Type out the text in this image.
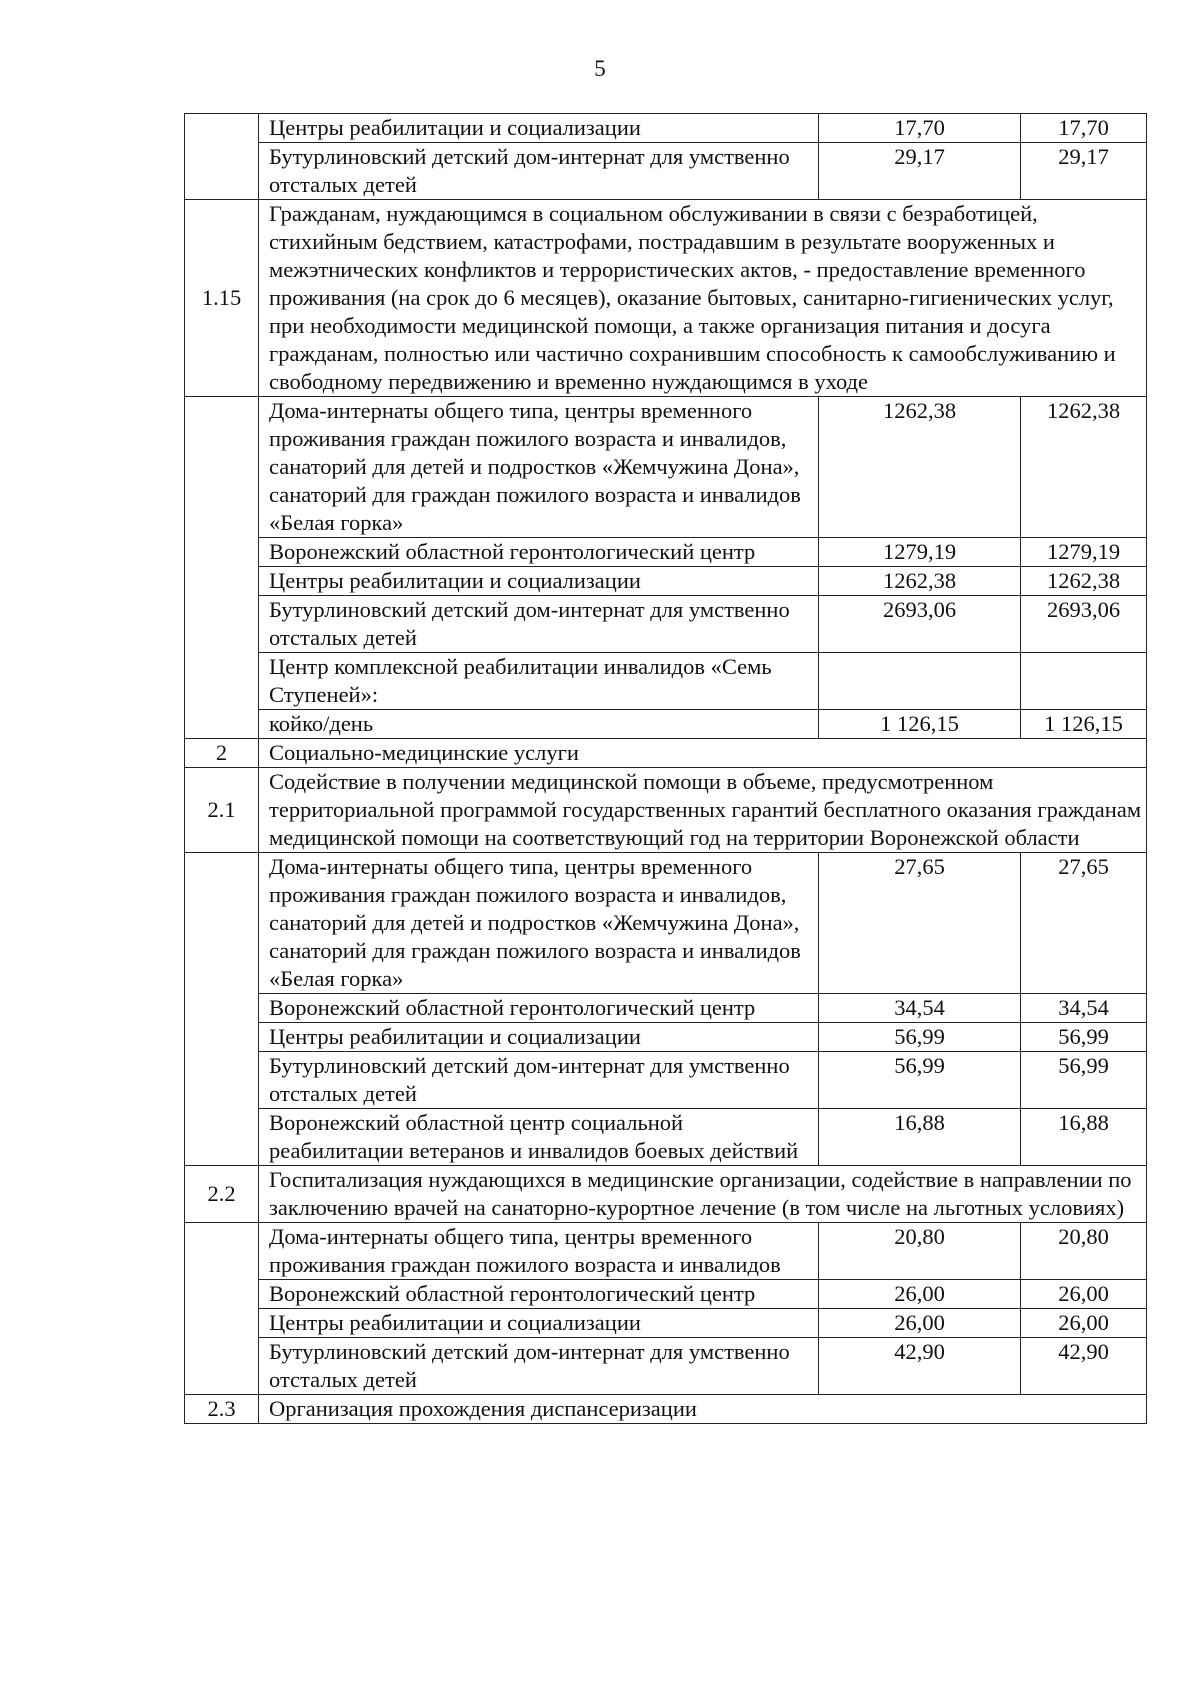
5
	Центры реабилитации и социализации	17,70	17,70
	Бутурлиновский детский дом-интернат для умственно отсталых детей	29,17	29,17
1.15	Гражданам, нуждающимся в социальном обслуживании в связи с безработицей, стихийным бедствием, катастрофами, пострадавшим в результате вооруженных и межэтнических конфликтов и террористических актов, - предоставление временного проживания (на срок до 6 месяцев), оказание бытовых, санитарно-гигиенических услуг, при необходимости медицинской помощи, а также организация питания и досуга гражданам, полностью или частично сохранившим способность к самообслуживанию и свободному передвижению и временно нуждающимся в уходе		
	Дома-интернаты общего типа, центры временного проживания граждан пожилого возраста и инвалидов, санаторий для детей и подростков «Жемчужина Дона», санаторий для граждан пожилого возраста и инвалидов «Белая горка»	1262,38	1262,38
	Воронежский областной геронтологический центр	1279,19	1279,19
	Центры реабилитации и социализации	1262,38	1262,38
	Бутурлиновский детский дом-интернат для умственно отсталых детей	2693,06	2693,06
	Центр комплексной реабилитации инвалидов «Семь Ступеней»:		
	койко/день	1 126,15	1 126,15
2	Социально-медицинские услуги		
2.1	Содействие в получении медицинской помощи в объеме, предусмотренном территориальной программой государственных гарантий бесплатного оказания гражданам медицинской помощи на соответствующий год на территории Воронежской области		
	Дома-интернаты общего типа, центры временного проживания граждан пожилого возраста и инвалидов, санаторий для детей и подростков «Жемчужина Дона», санаторий для граждан пожилого возраста и инвалидов «Белая горка»	27,65	27,65
	Воронежский областной геронтологический центр	34,54	34,54
	Центры реабилитации и социализации	56,99	56,99
	Бутурлиновский детский дом-интернат для умственно отсталых детей	56,99	56,99
	Воронежский областной центр социальной реабилитации ветеранов и инвалидов боевых действий	16,88	16,88
2.2	Госпитализация нуждающихся в медицинские организации, содействие в направлении по заключению врачей на санаторно-курортное лечение (в том числе на льготных условиях)		
	Дома-интернаты общего типа, центры временного проживания граждан пожилого возраста и инвалидов	20,80	20,80
	Воронежский областной геронтологический центр	26,00	26,00
	Центры реабилитации и социализации	26,00	26,00
	Бутурлиновский детский дом-интернат для умственно отсталых детей	42,90	42,90
2.3	Организация прохождения диспансеризации		
